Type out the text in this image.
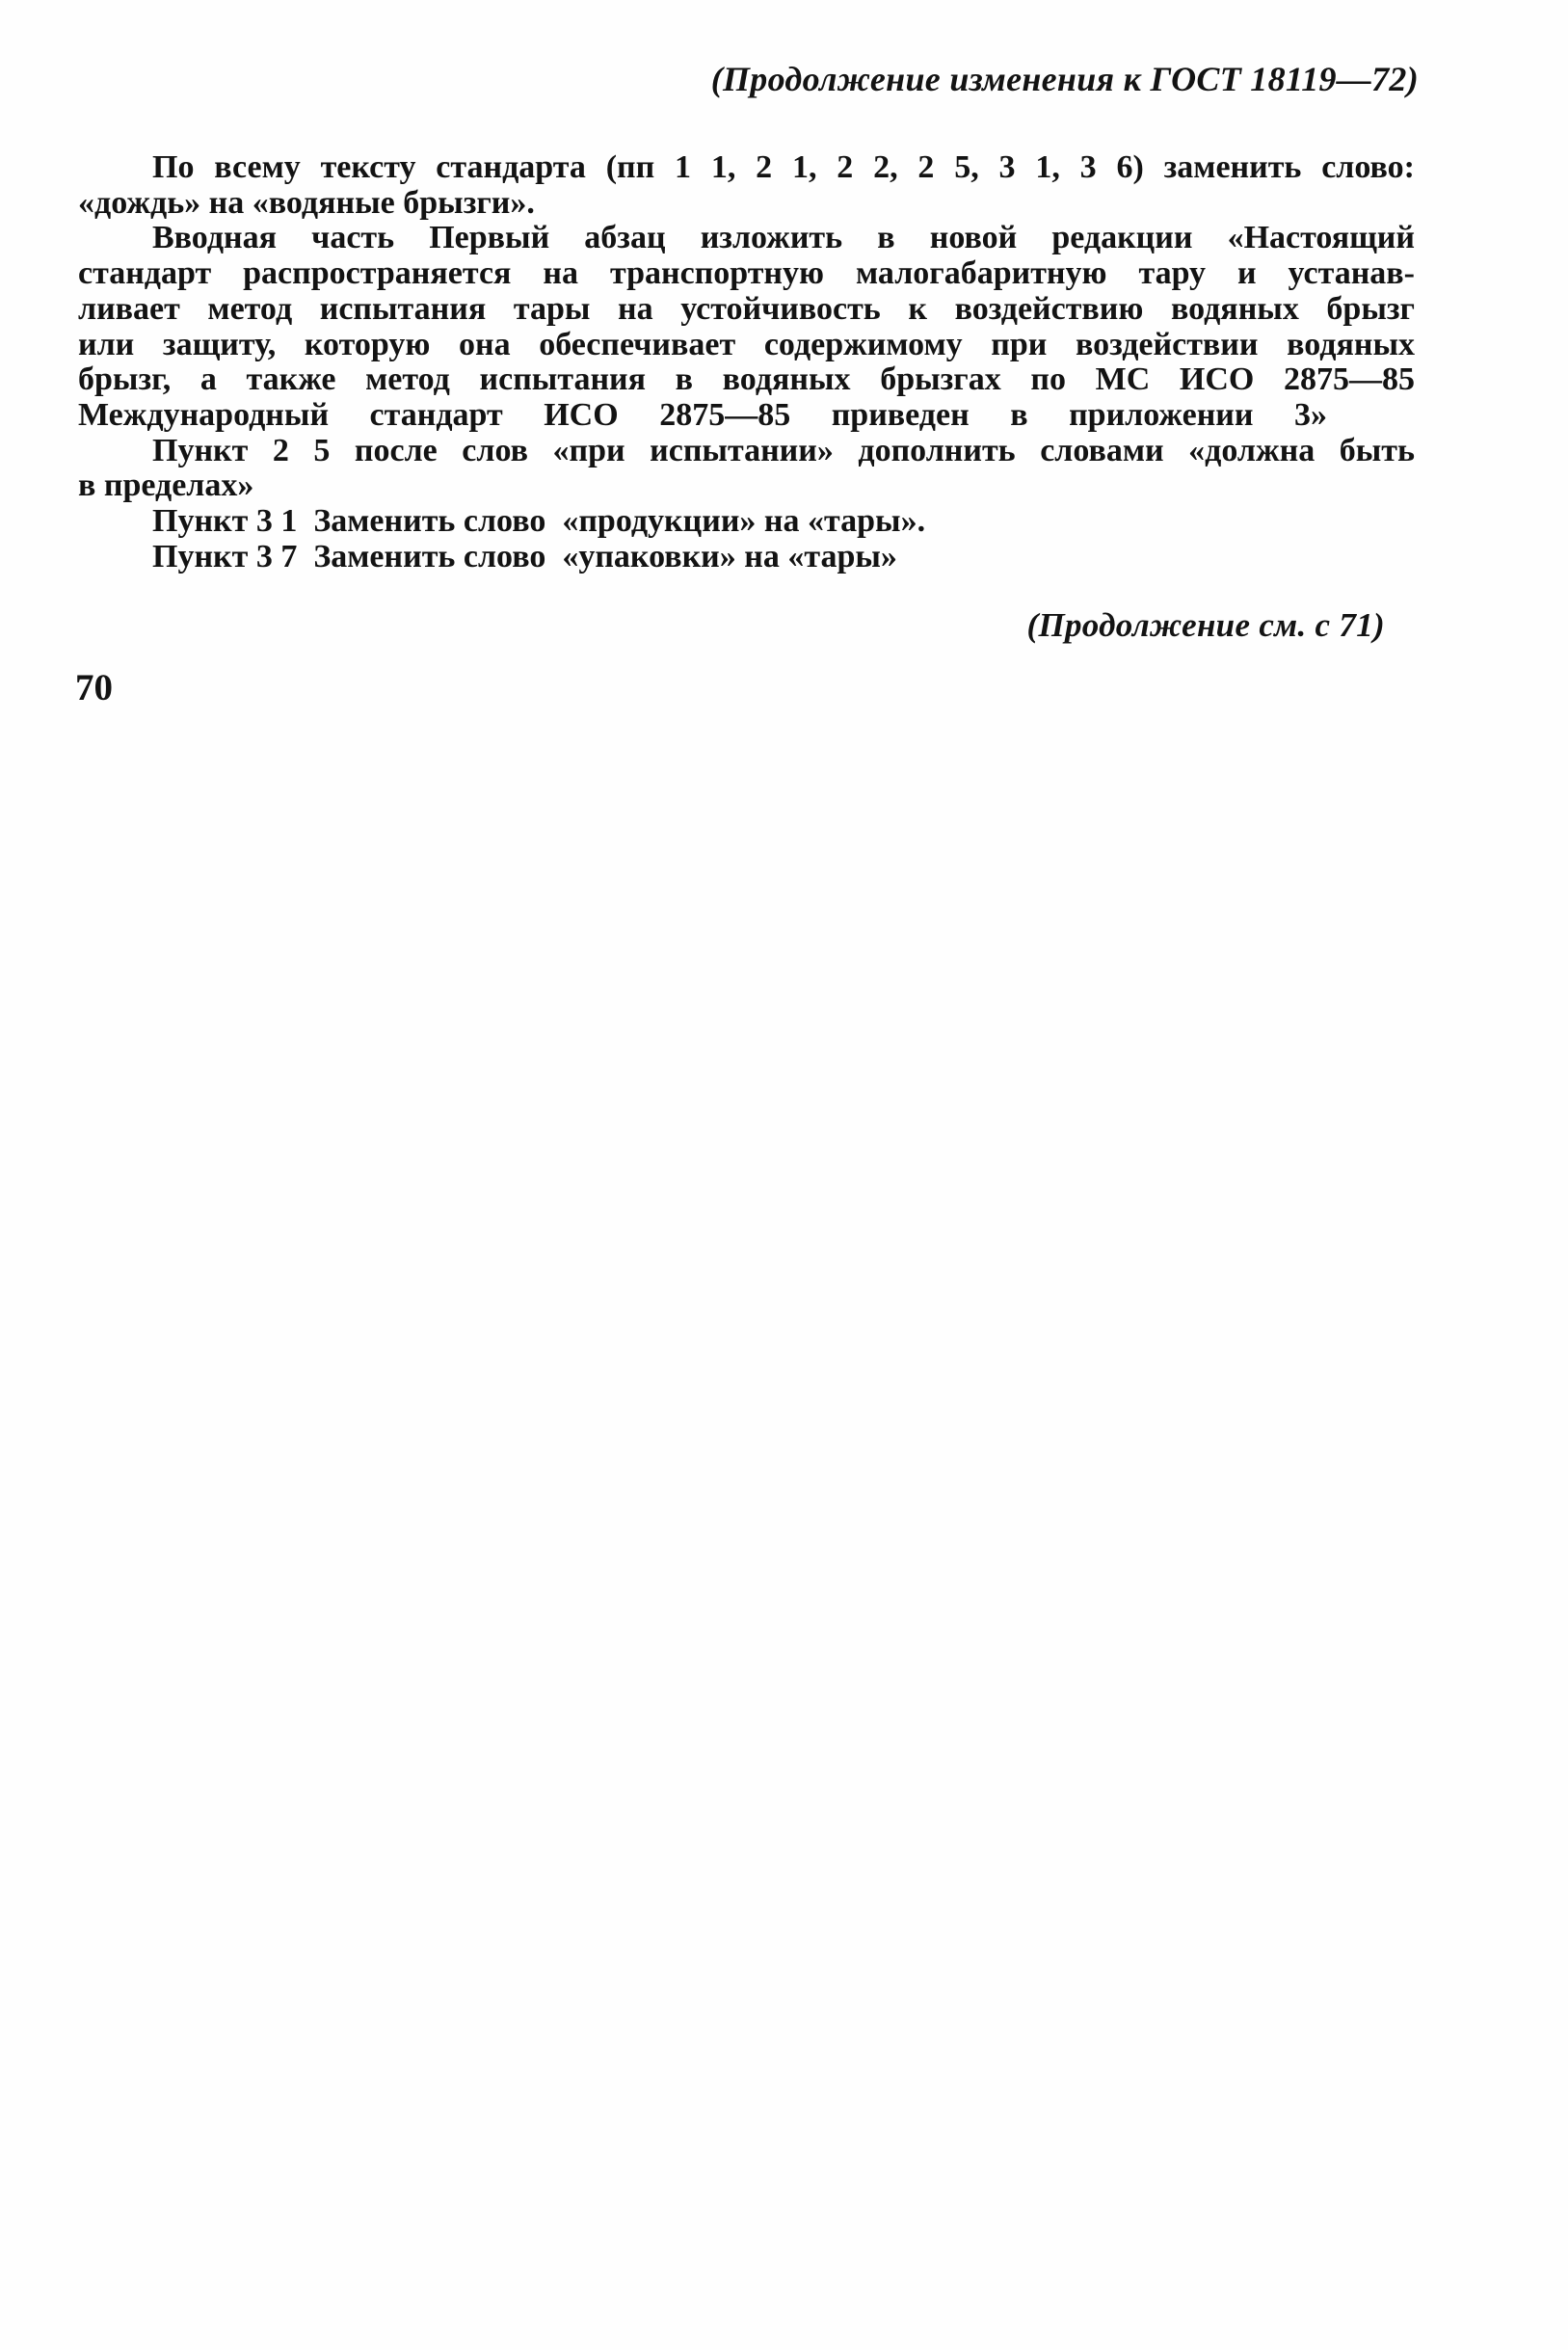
(Продолжение изменения к ГОСТ 18119—72)
По всему тексту стандарта (пп 1 1, 2 1, 2 2, 2 5, 3 1, 3 6) заменить слово:
«дождь» на «водяные брызги».
Вводная часть Первый абзац изложить в новой редакции «Настоящий
стандарт распространяется на транспортную малогабаритную тару и устанав-
ливает метод испытания тары на устойчивость к воздействию водяных брызг
или защиту, которую она обеспечивает содержимому при воздействии водяных
брызг, а также метод испытания в водяных брызгах по МС ИСО 2875—85
Международный стандарт ИСО 2875—85 приведен в приложении 3»
Пункт 2 5 после слов «при испытании» дополнить словами «должна быть
в пределах»
Пункт 3 1  Заменить слово  «продукции» на «тары».
Пункт 3 7  Заменить слово  «упаковки» на «тары»
(Продолжение см. с 71)
70
